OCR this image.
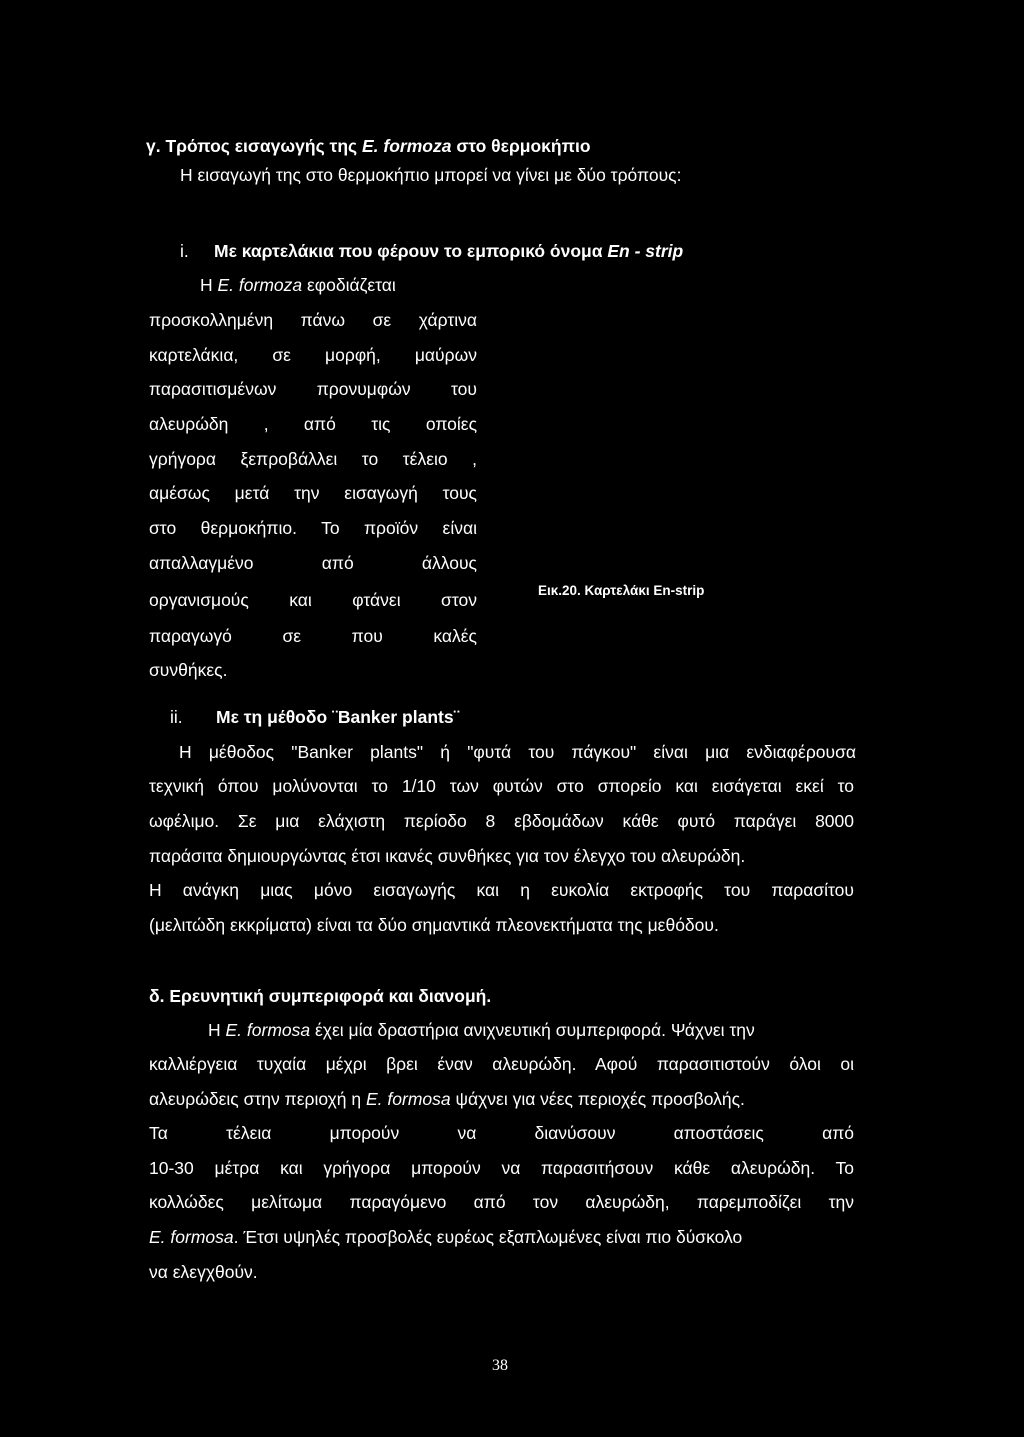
γ. Τρόπος εισαγωγής της E. formoza στο θερμοκήπιο
Η εισαγωγή της στο θερμοκήπιο μπορεί να γίνει με δύο τρόπους:
i. Με καρτελάκια που φέρουν το εμπορικό όνομα En - strip
Η E. formoza εφοδιάζεται
προσκολλημένη πάνω σε χάρτινα
καρτελάκια, σε μορφή, μαύρων
παρασιτισμένων προνυμφών του
αλευρώδη , από τις οποίες
γρήγορα ξεπροβάλλει το τέλειο ,
αμέσως μετά την εισαγωγή τους
στο θερμοκήπιο. Το προϊόν είναι
απαλλαγμένο από άλλους
οργανισμούς και φτάνει στον
παραγωγό σε που καλές
συνθήκες.
Εικ.20. Καρτελάκι En-strip
ii. Με τη μέθοδο ¨Banker plants¨
Η μέθοδος "Banker plants" ή "φυτά του πάγκου" είναι μια ενδιαφέρουσα
τεχνική όπου μολύνονται το 1/10 των φυτών στο σπορείο και εισάγεται εκεί το
ωφέλιμο. Σε μια ελάχιστη περίοδο 8 εβδομάδων κάθε φυτό παράγει 8000
παράσιτα δημιουργώντας έτσι ικανές συνθήκες για τον έλεγχο του αλευρώδη.
Η ανάγκη μιας μόνο εισαγωγής και η ευκολία εκτροφής του παρασίτου
(μελιτώδη εκκρίματα) είναι τα δύο σημαντικά πλεονεκτήματα της μεθόδου.
δ. Ερευνητική συμπεριφορά και διανομή.
Η E. formosa έχει μία δραστήρια ανιχνευτική συμπεριφορά. Ψάχνει την
καλλιέργεια τυχαία μέχρι βρει έναν αλευρώδη. Αφού παρασιτιστούν όλοι οι
αλευρώδεις στην περιοχή η E. formosa ψάχνει για νέες περιοχές προσβολής.
Τα τέλεια μπορούν να διανύσουν αποστάσεις από
10-30 μέτρα και γρήγορα μπορούν να παρασιτήσουν κάθε αλευρώδη. Το
κολλώδες μελίτωμα παραγόμενο από τον αλευρώδη, παρεμποδίζει την
E. formosa. Έτσι υψηλές προσβολές ευρέως εξαπλωμένες είναι πιο δύσκολο
να ελεγχθούν.
38
